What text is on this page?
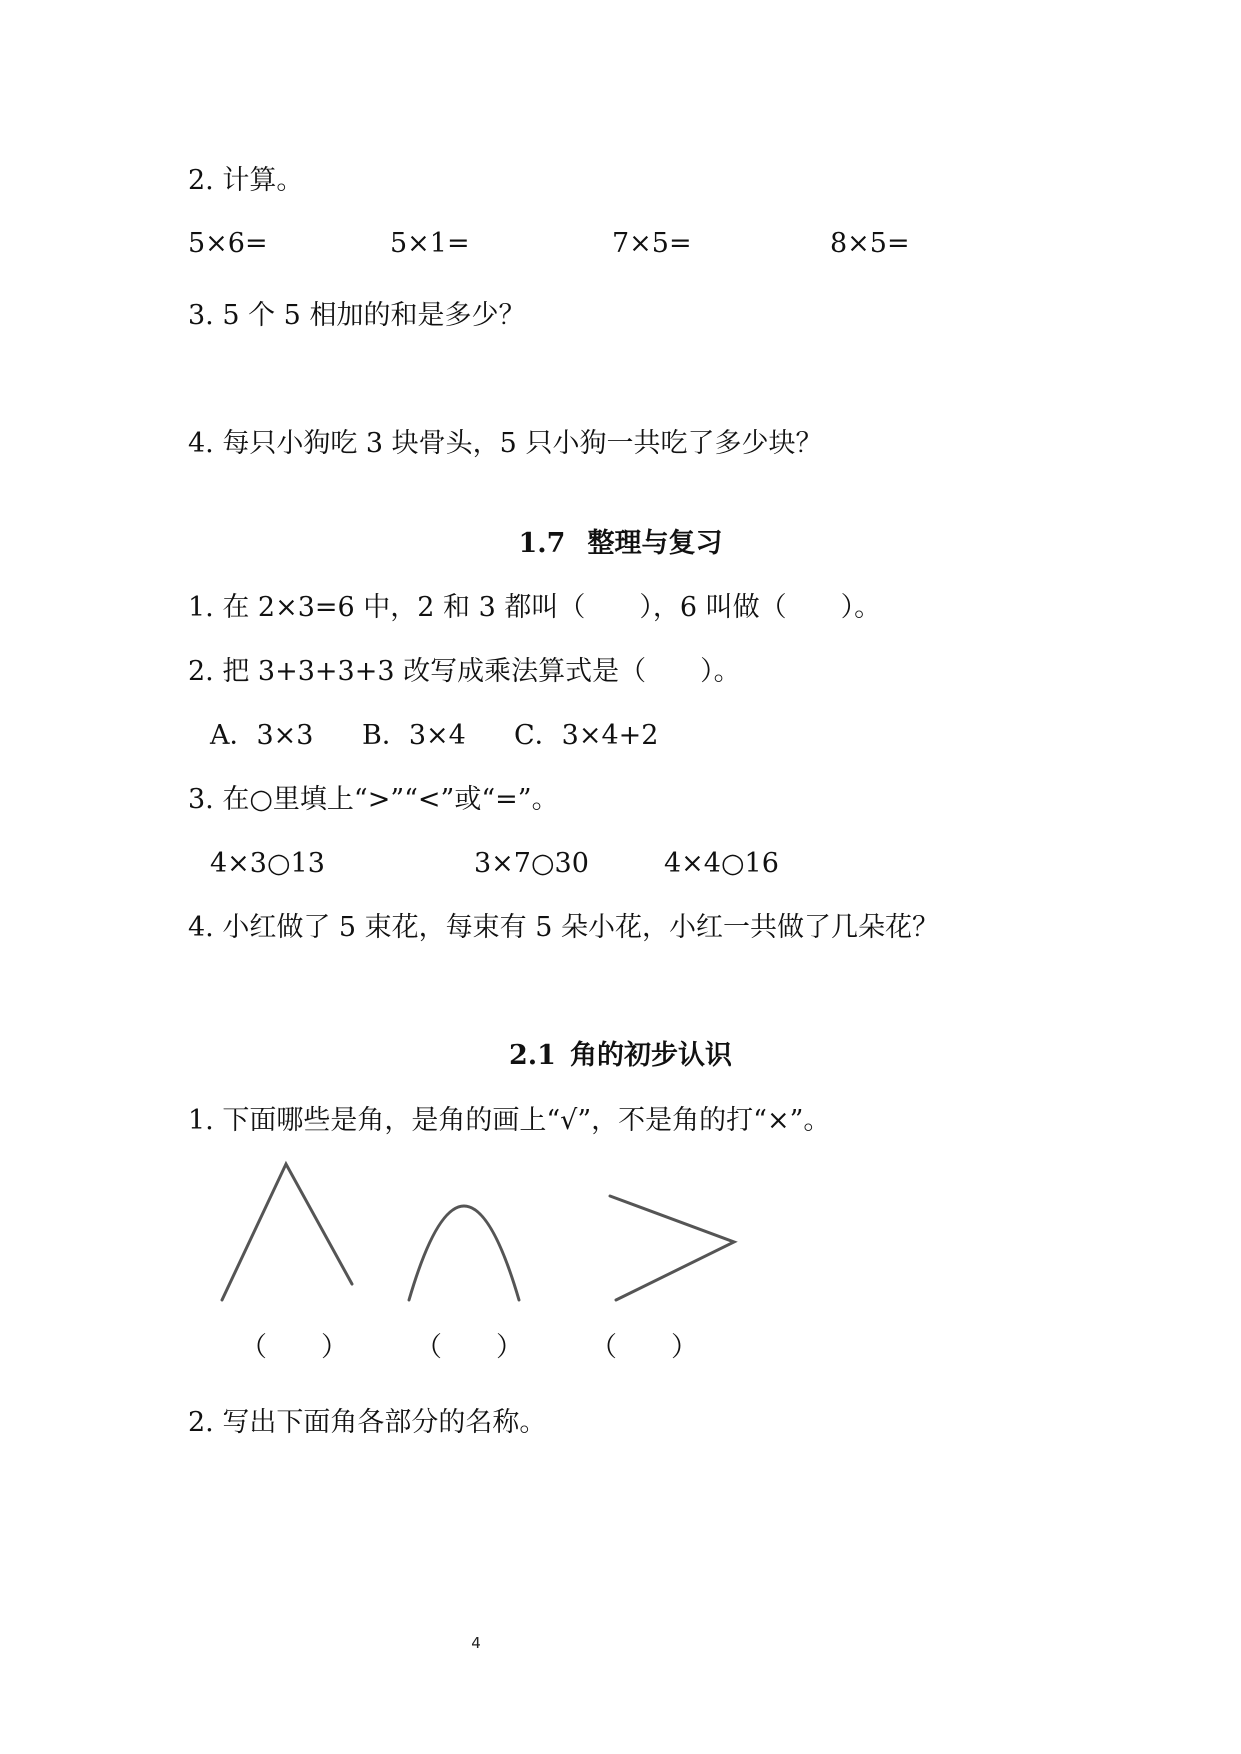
2. 计算。
5×6=	5×1=	7×5=	8×5=
3. 5 个 5 相加的和是多少？
4. 每只小狗吃 3 块骨头，5 只小狗一共吃了多少块？
1.7 整理与复习
1. 在 2×3=6 中，2 和 3 都叫（　　），6 叫做（　　）。
2. 把 3+3+3+3 改写成乘法算式是（　　）。
A．3×3 B．3×4 C．3×4+2
3. 在○里填上“>”“<”或“=”。
4×3○13	3×7○30	4×4○16
4. 小红做了 5 束花，每束有 5 朵小花，小红一共做了几朵花？
2.1 角的初步认识
1. 下面哪些是角，是角的画上“√”，不是角的打“×”。
（　　） （　　） （　　）
2. 写出下面角各部分的名称。
4
